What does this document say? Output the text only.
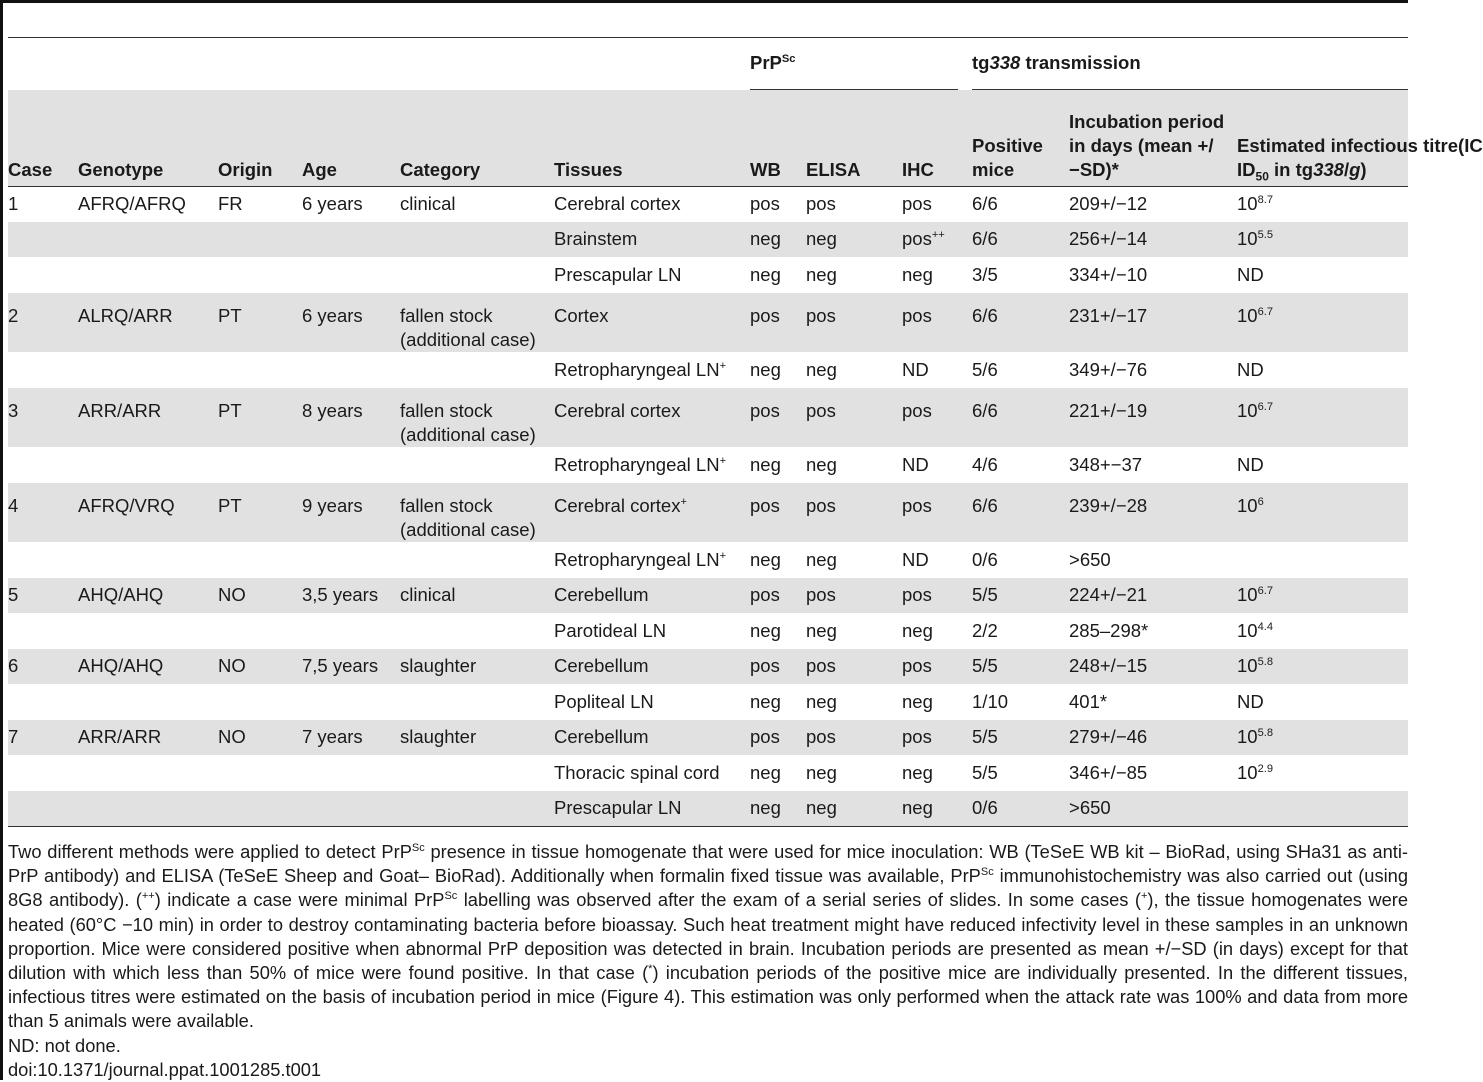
						PrP$^{Sc}$			tg338 transmission		

Case	Genotype	Origin	Age	Category	Tissues	WB	ELISA	IHC	Positive mice	Incubation period in days (mean +/−SD)*	Estimated infectious titre(IC
$ID_{50}$ in tg338/g)
1	AFRQ/AFRQ	FR	6 years	clinical	Cerebral cortex	pos	pos	pos	6/6	209+/−12	$10^{8.7}$
					Brainstem	neg	neg	pos++	6/6	256+/−14	$10^{5.5}$
					Prescapular LN	neg	neg	neg	3/5	334+/−10	ND
2	ALRQ/ARR	PT	6 years	fallen stock (additional case)	Cortex	pos	pos	pos	6/6	231+/−17	$10^{6.7}$
					Retropharyngeal LN+	neg	neg	ND	5/6	349+/−76	ND
3	ARR/ARR	PT	8 years	fallen stock (additional case)	Cerebral cortex	pos	pos	pos	6/6	221+/−19	$10^{6.7}$
					Retropharyngeal LN+	neg	neg	ND	4/6	348+−37	ND
4	AFRQ/VRQ	PT	9 years	fallen stock (additional case)	Cerebral cortex+	pos	pos	pos	6/6	239+/−28	$10^6$
					Retropharyngeal LN+	neg	neg	ND	0/6	>650	
5	AHQ/AHQ	NO	3,5 years	clinical	Cerebellum	pos	pos	pos	5/5	224+/−21	$10^{6.7}$
					Parotideal LN	neg	neg	neg	2/2	285–298*	$10^{4.4}$
6	AHQ/AHQ	NO	7,5 years	slaughter	Cerebellum	pos	pos	pos	5/5	248+/−15	$10^{5.8}$
					Popliteal LN	neg	neg	neg	1/10	401*	ND
7	ARR/ARR	NO	7 years	slaughter	Cerebellum	pos	pos	pos	5/5	279+/−46	$10^{5.8}$
					Thoracic spinal cord	neg	neg	neg	5/5	346+/−85	$10^{2.9}$
					Prescapular LN	neg	neg	neg	0/6	>650	

Two different methods were applied to detect PrP$^{Sc}$ presence in tissue homogenate that were used for mice inoculation: WB (TeSeE WB kit – BioRad, using SHa31 as anti-PrP antibody) and ELISA (TeSeE Sheep and Goat– BioRad). Additionally when formalin fixed tissue was available, PrP$^{Sc}$ immunohistochemistry was also carried out (using 8G8 antibody). (++) indicate a case were minimal PrP$^{Sc}$ labelling was observed after the exam of a serial series of slides. In some cases (+), the tissue homogenates were heated (60°C −10 min) in order to destroy contaminating bacteria before bioassay. Such heat treatment might have reduced infectivity level in these samples in an unknown proportion. Mice were considered positive when abnormal PrP deposition was detected in brain. Incubation periods are presented as mean +/−SD (in days) except for that dilution with which less than 50% of mice were found positive. In that case (*) incubation periods of the positive mice are individually presented. In the different tissues, infectious titres were estimated on the basis of incubation period in mice (Figure 4). This estimation was only performed when the attack rate was 100% and data from more than 5 animals were available.

ND: not done.

doi:10.1371/journal.ppat.1001285.t001
